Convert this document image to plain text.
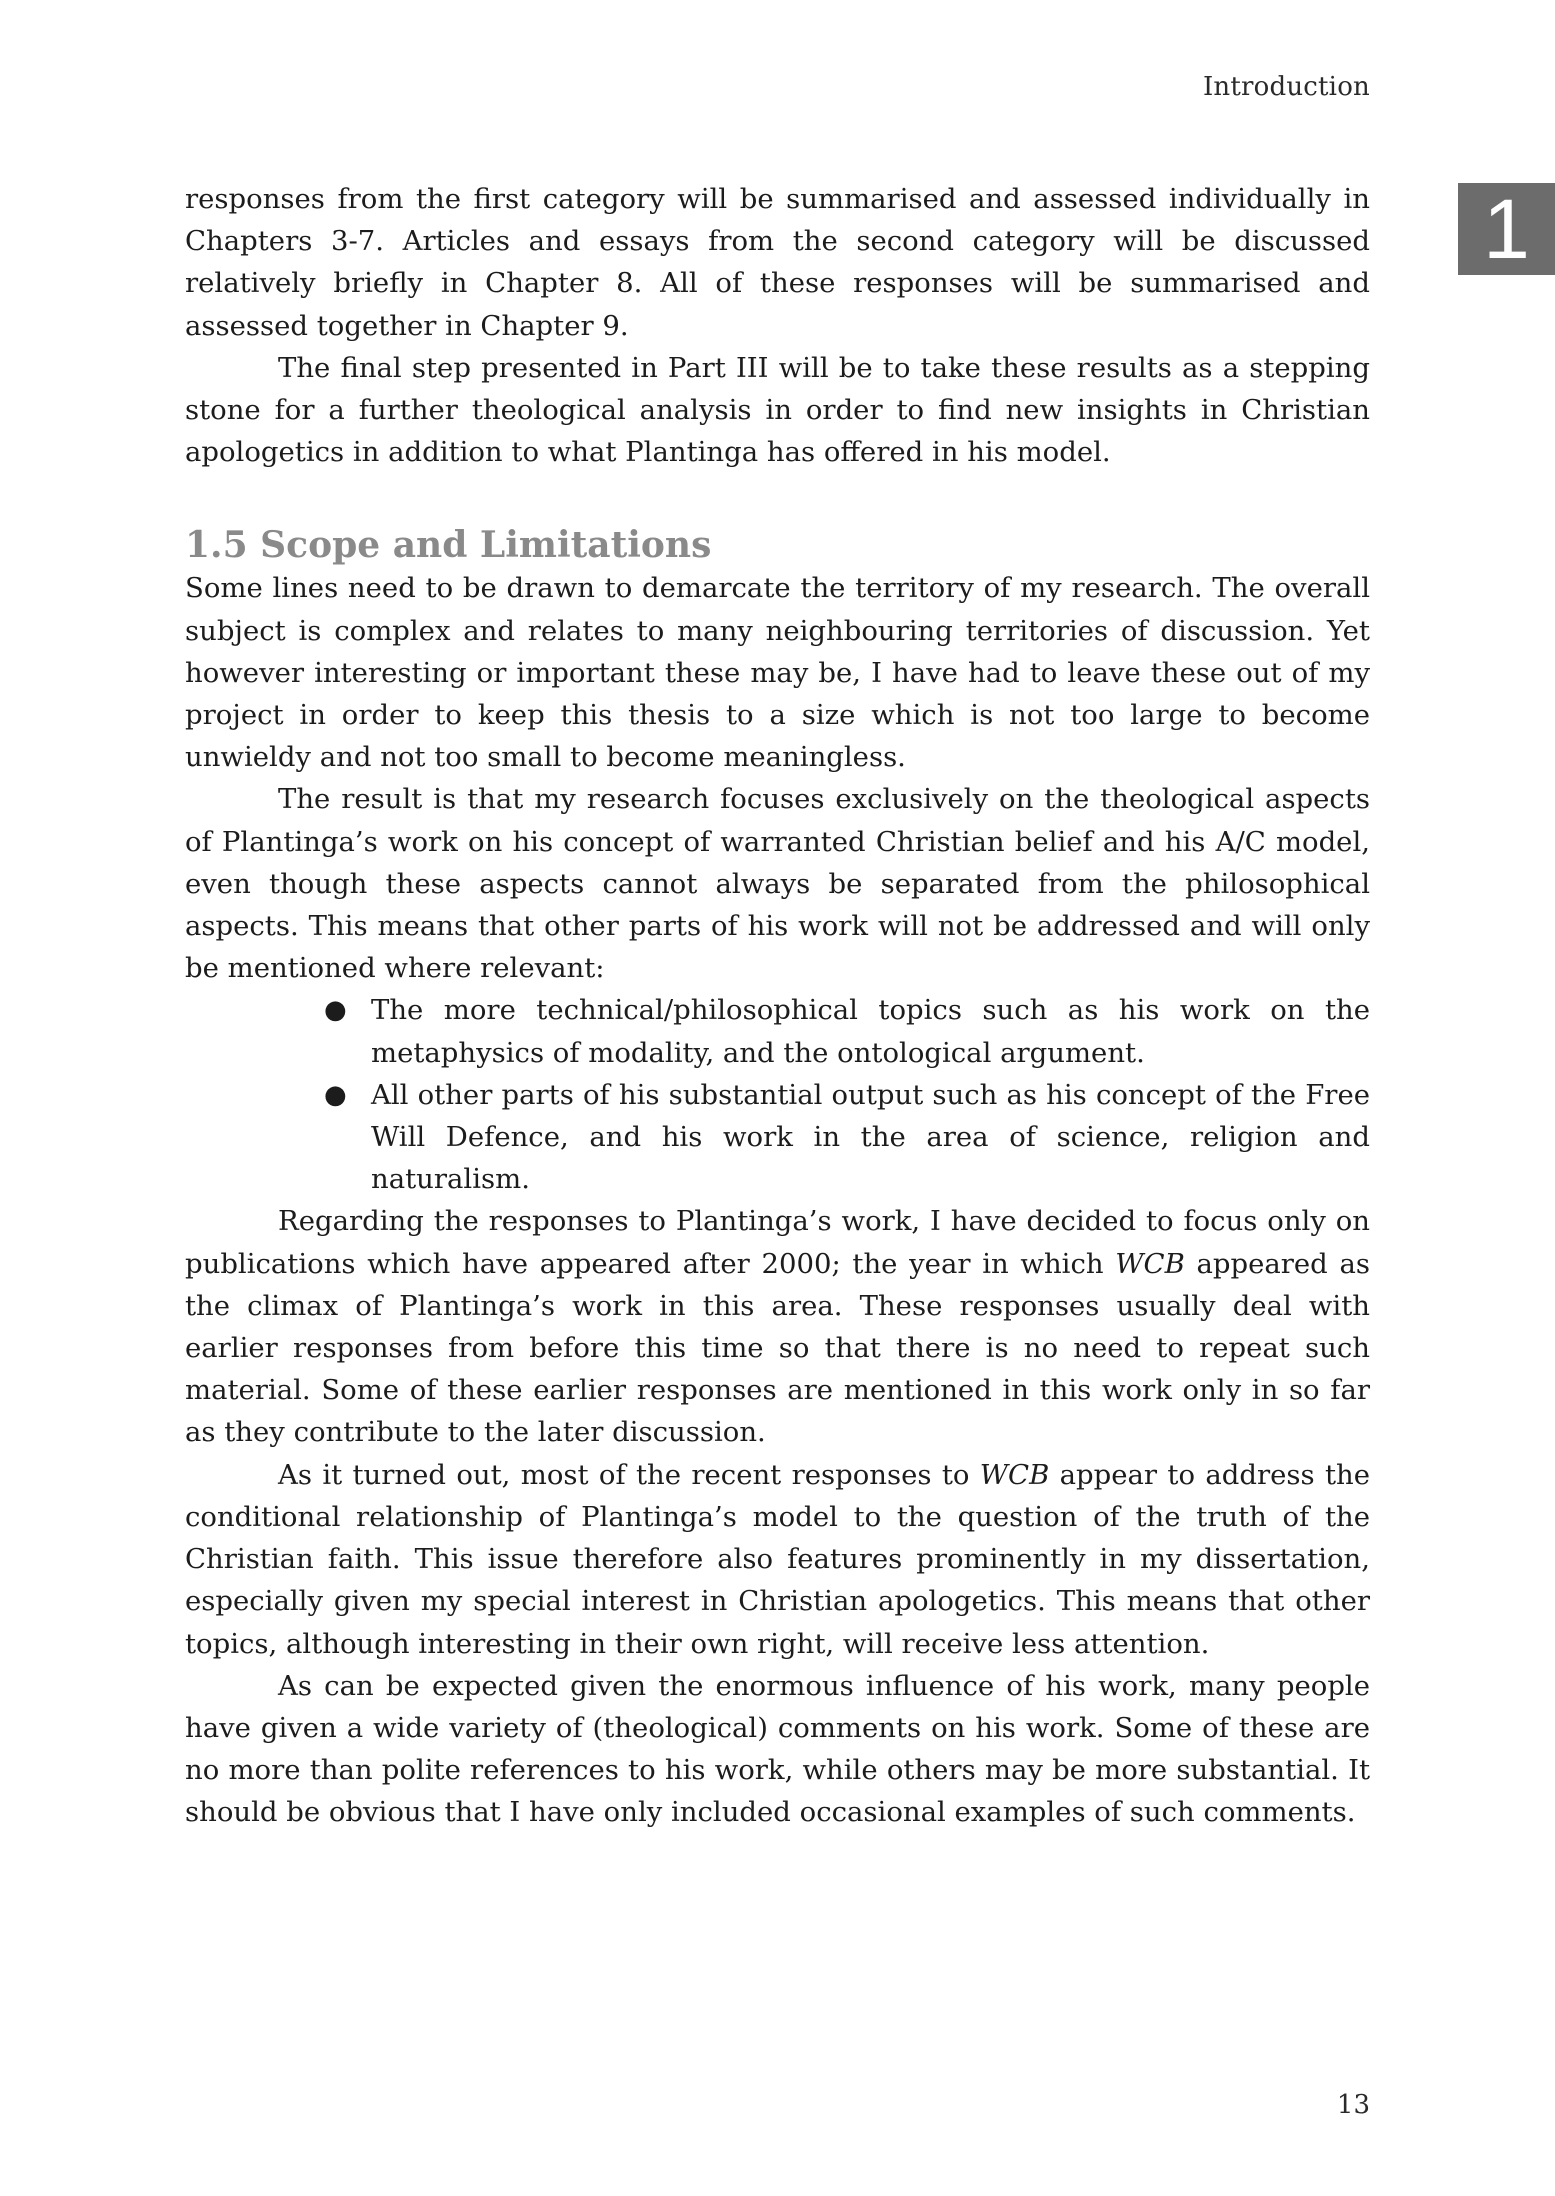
Introduction
1

responses from the first category will be summarised and assessed individually in Chapters 3-7. Articles and essays from the second category will be discussed relatively briefly in Chapter 8. All of these responses will be summarised and assessed together in Chapter 9.

The final step presented in Part III will be to take these results as a stepping stone for a further theological analysis in order to find new insights in Christian apologetics in addition to what Plantinga has offered in his model.

1.5 Scope and Limitations

Some lines need to be drawn to demarcate the territory of my research. The overall subject is complex and relates to many neighbouring territories of discussion. Yet however interesting or important these may be, I have had to leave these out of my project in order to keep this thesis to a size which is not too large to become unwieldy and not too small to become meaningless.

The result is that my research focuses exclusively on the theological aspects of Plantinga’s work on his concept of warranted Christian belief and his A/C model, even though these aspects cannot always be separated from the philosophical aspects. This means that other parts of his work will not be addressed and will only be mentioned where relevant:

● The more technical/philosophical topics such as his work on the metaphysics of modality, and the ontological argument.
● All other parts of his substantial output such as his concept of the Free Will Defence, and his work in the area of science, religion and naturalism.

Regarding the responses to Plantinga’s work, I have decided to focus only on publications which have appeared after 2000; the year in which WCB appeared as the climax of Plantinga’s work in this area. These responses usually deal with earlier responses from before this time so that there is no need to repeat such material. Some of these earlier responses are mentioned in this work only in so far as they contribute to the later discussion.

As it turned out, most of the recent responses to WCB appear to address the conditional relationship of Plantinga’s model to the question of the truth of the Christian faith. This issue therefore also features prominently in my dissertation, especially given my special interest in Christian apologetics. This means that other topics, although interesting in their own right, will receive less attention.

As can be expected given the enormous influence of his work, many people have given a wide variety of (theological) comments on his work. Some of these are no more than polite references to his work, while others may be more substantial. It should be obvious that I have only included occasional examples of such comments.

13
